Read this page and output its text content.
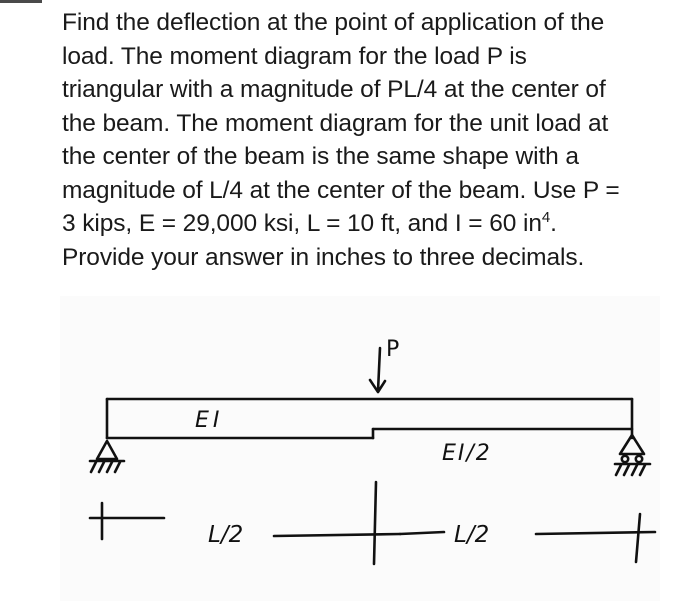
Find the deflection at the point of application of the
load. The moment diagram for the load P is
triangular with a magnitude of PL/4 at the center of
the beam. The moment diagram for the unit load at
the center of the beam is the same shape with a
magnitude of L/4 at the center of the beam. Use P =
3 kips, E = 29,000 ksi, L = 10 ft, and I = 60 $in^4$.
Provide your answer in inches to three decimals.
P
EI
EI/2
L/2	L/2
